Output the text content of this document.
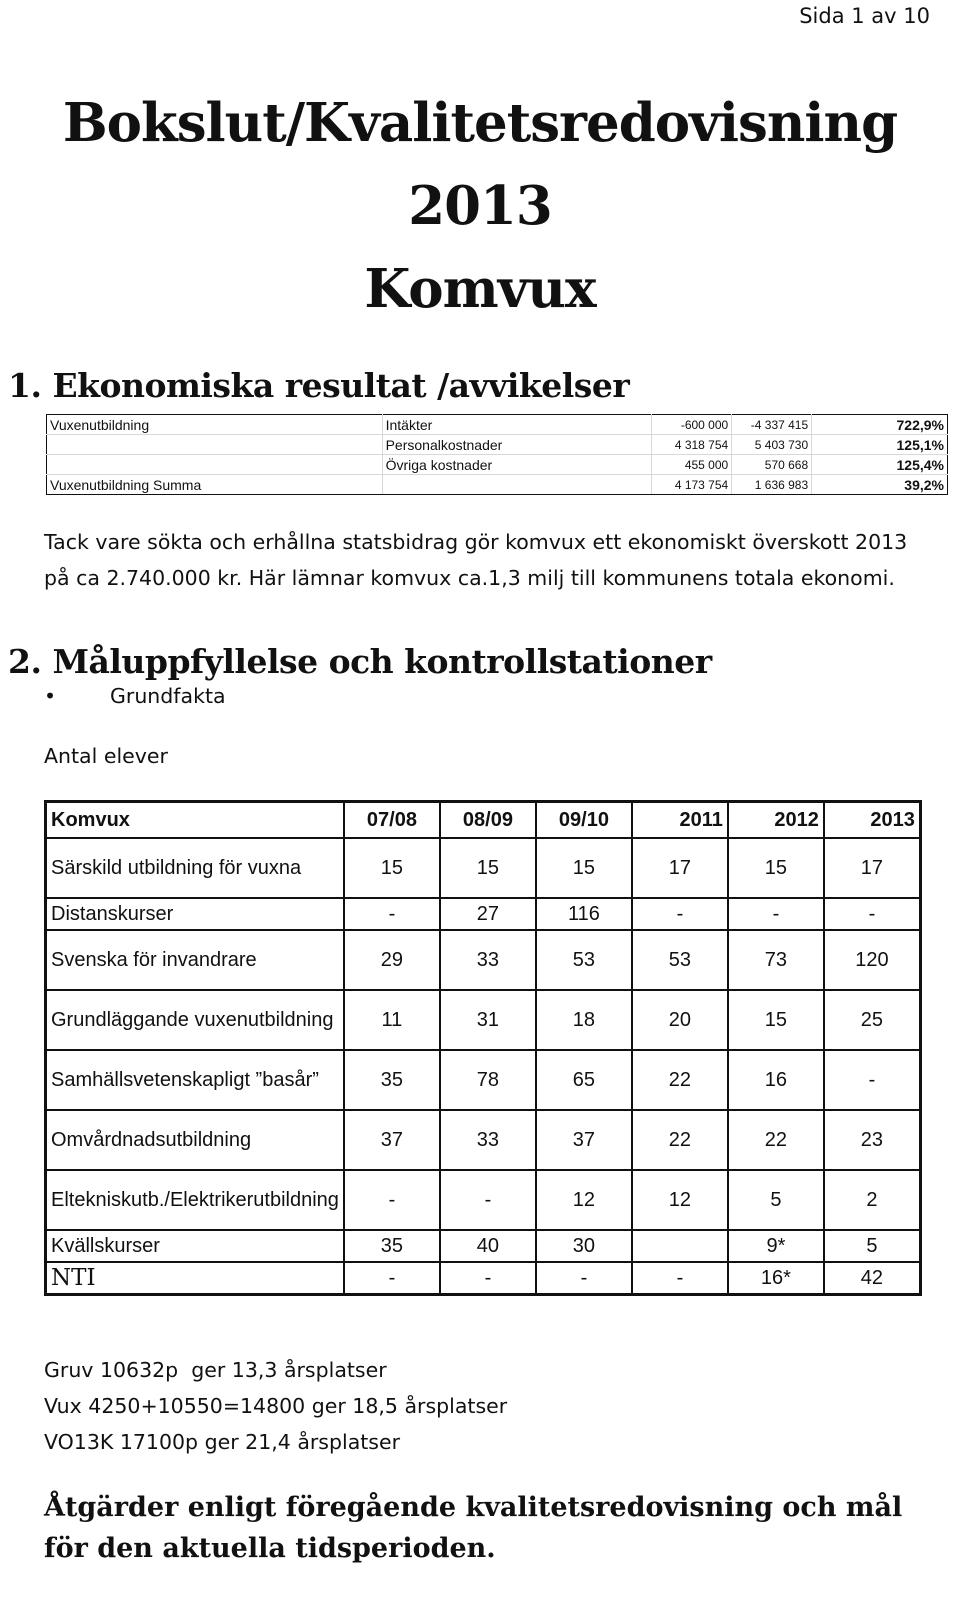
Sida 1 av 10
Bokslut/Kvalitetsredovisning
2013
Komvux
1. Ekonomiska resultat /avvikelser
Vuxenutbildning	Intäkter	-600 000	-4 337 415	722,9%
	Personalkostnader	4 318 754	5 403 730	125,1%
	Övriga kostnader	455 000	570 668	125,4%
Vuxenutbildning Summa		4 173 754	1 636 983	39,2%

Tack vare sökta och erhållna statsbidrag gör komvux ett ekonomiskt överskott 2013 på ca 2.740.000 kr. Här lämnar komvux ca.1,3 milj till kommunens totala ekonomi.

2. Måluppfyllelse och kontrollstationer
•	Grundfakta
Antal elever
Komvux	07/08	08/09	09/10	2011	2012	2013
Särskild utbildning för vuxna	15	15	15	17	15	17
Distanskurser	-	27	116	-	-	-
Svenska för invandrare	29	33	53	53	73	120
Grundläggande vuxenutbildning	11	31	18	20	15	25
Samhällsvetenskapligt ”basår”	35	78	65	22	16	-
Omvårdnadsutbildning	37	33	37	22	22	23
Eltekniskutb./Elektrikerutbildning	-	-	12	12	5	2
Kvällskurser	35	40	30		9*	5
NTI	-	-	-	-	16*	42
Gruv 10632p  ger 13,3 årsplatser
Vux 4250+10550=14800 ger 18,5 årsplatser
VO13K 17100p ger 21,4 årsplatser
Åtgärder enligt föregående kvalitetsredovisning och mål för den aktuella tidsperioden.
